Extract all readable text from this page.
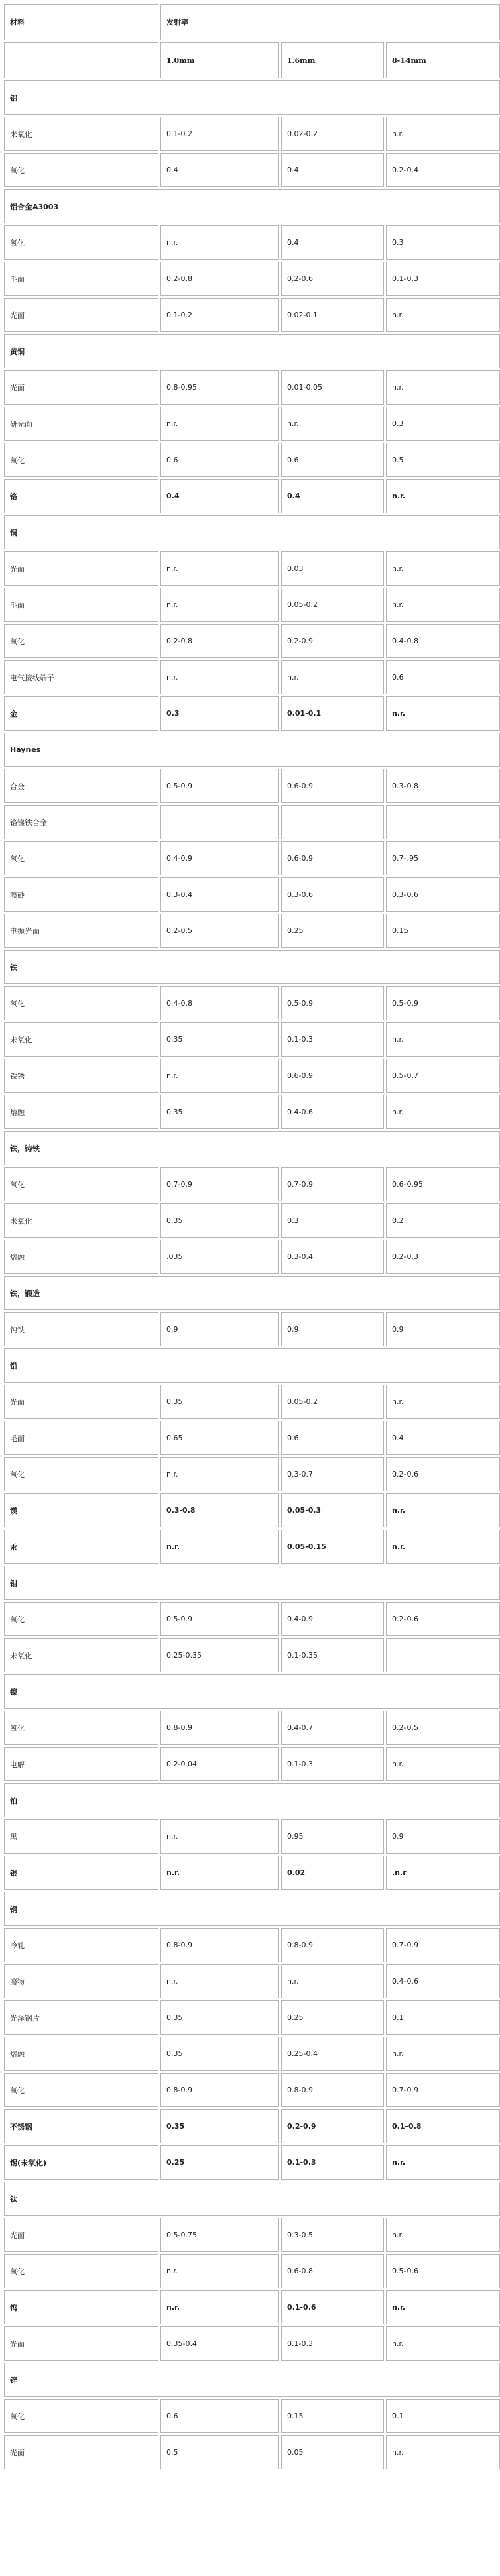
材料	发射率		
	1.0mm	1.6mm	8-14mm
铝			
未氧化	0.1-0.2	0.02-0.2	n.r.
氧化	0.4	0.4	0.2-0.4
铝合金A3003			
氧化	n.r.	0.4	0.3
毛面	0.2-0.8	0.2-0.6	0.1-0.3
光面	0.1-0.2	0.02-0.1	n.r.
黄铜			
光面	0.8-0.95	0.01-0.05	n.r.
研光面	n.r.	n.r.	0.3
氧化	0.6	0.6	0.5
铬	0.4	0.4	n.r.
铜			
光面	n.r.	0.03	n.r.
毛面	n.r.	0.05-0.2	n.r.
氧化	0.2-0.8	0.2-0.9	0.4-0.8
电气接线端子	n.r.	n.r.	0.6
金	0.3	0.01-0.1	n.r.
Haynes			
合金	0.5-0.9	0.6-0.9	0.3-0.8
铬镍铁合金			
氧化	0.4-0.9	0.6-0.9	0.7-.95
喷砂	0.3-0.4	0.3-0.6	0.3-0.6
电抛光面	0.2-0.5	0.25	0.15
铁			
氧化	0.4-0.8	0.5-0.9	0.5-0.9
未氧化	0.35	0.1-0.3	n.r.
铁锈	n.r.	0.6-0.9	0.5-0.7
熔融	0.35	0.4-0.6	n.r.
铁，铸铁			
氧化	0.7-0.9	0.7-0.9	0.6-0.95
未氧化	0.35	0.3	0.2
熔融	.035	0.3-0.4	0.2-0.3
铁，锻造			
钝铁	0.9	0.9	0.9
铅			
光面	0.35	0.05-0.2	n.r.
毛面	0.65	0.6	0.4
氧化	n.r.	0.3-0.7	0.2-0.6
镁	0.3-0.8	0.05-0.3	n.r.
汞	n.r.	0.05-0.15	n.r.
钼			
氧化	0.5-0.9	0.4-0.9	0.2-0.6
未氧化	0.25-0.35	0.1-0.35	
镍			
氧化	0.8-0.9	0.4-0.7	0.2-0.5
电解	0.2-0.04	0.1-0.3	n.r.
铂			
黑	n.r.	0.95	0.9
银	n.r.	0.02	.n.r
钢			
冷轧	0.8-0.9	0.8-0.9	0.7-0.9
磨物	n.r.	n.r.	0.4-0.6
光泽钢片	0.35	0.25	0.1
熔融	0.35	0.25-0.4	n.r.
氧化	0.8-0.9	0.8-0.9	0.7-0.9
不锈钢	0.35	0.2-0.9	0.1-0.8
锡(未氧化)	0.25	0.1-0.3	n.r.
钛			
光面	0.5-0.75	0.3-0.5	n.r.
氧化	n.r.	0.6-0.8	0.5-0.6
钨	n.r.	0.1-0.6	n.r.
光面	0.35-0.4	0.1-0.3	n.r.
锌			
氧化	0.6	0.15	0.1
光面	0.5	0.05	n.r.
